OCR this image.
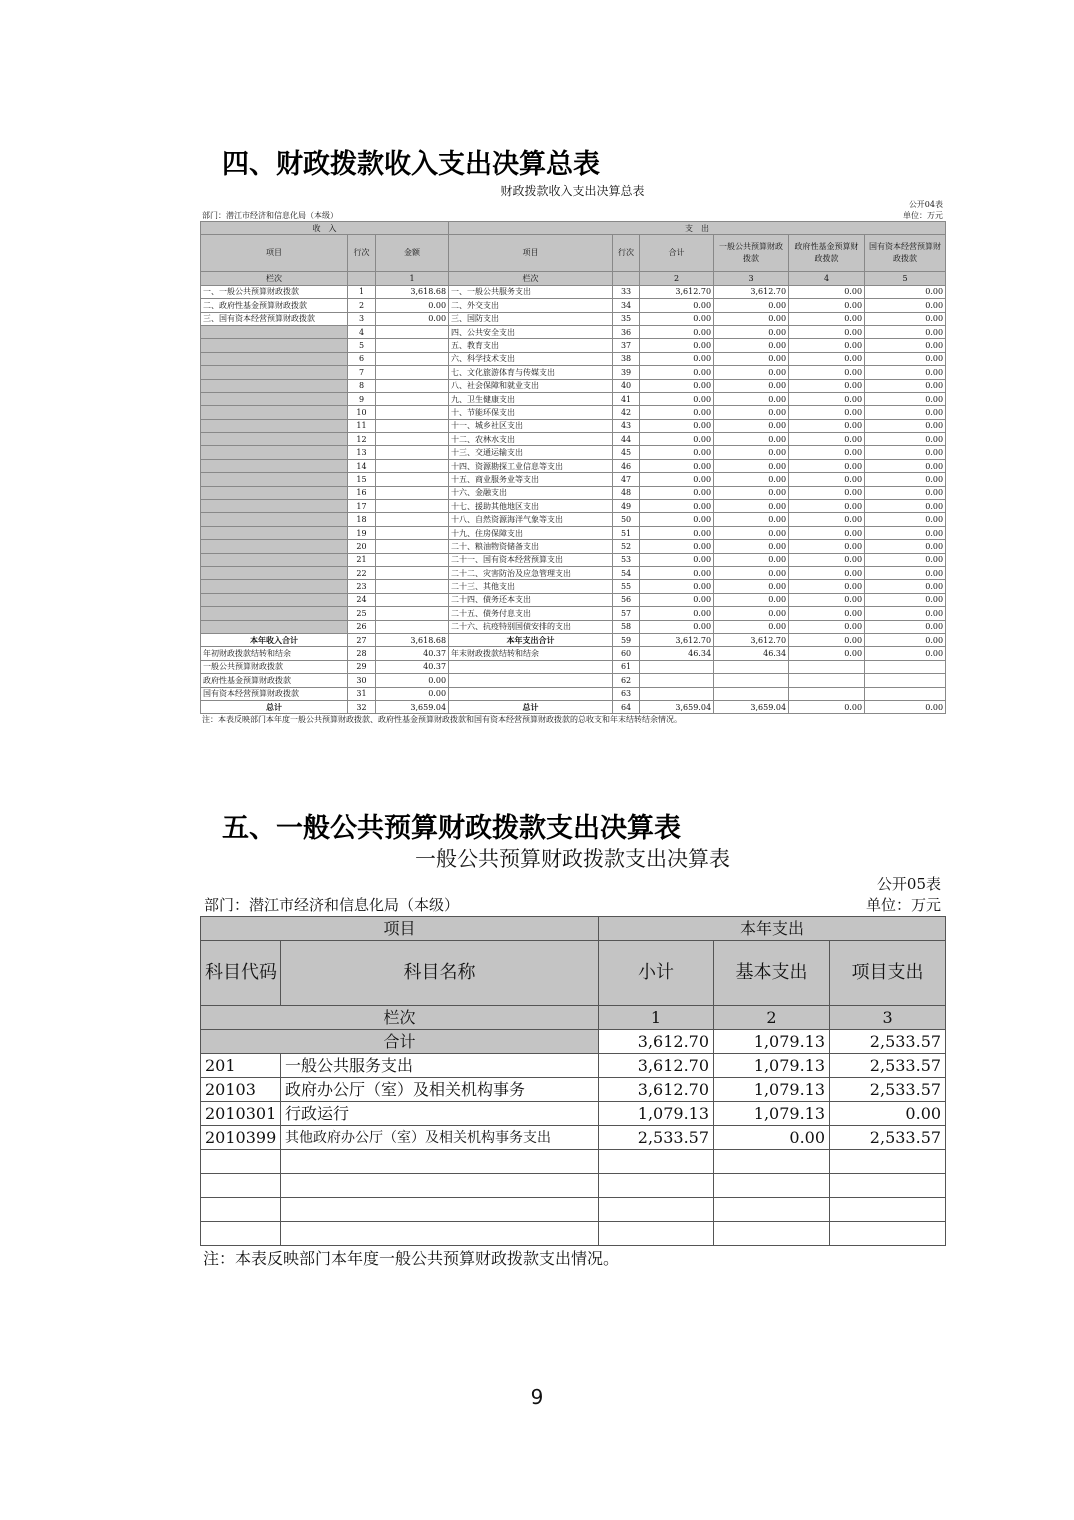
四、财政拨款收入支出决算总表
财政拨款收入支出决算总表
公开04表
部门：潜江市经济和信息化局（本级）	单位：万元
收　入			支　出					
项目	行次	金额	项目	行次	合计	一般公共预算财政拨款	政府性基金预算财政拨款	国有资本经营预算财政拨款
栏次		1	栏次		2	3	4	5
一、一般公共预算财政拨款	1	3,618.68	一、一般公共服务支出	33	3,612.70	3,612.70	0.00	0.00
二、政府性基金预算财政拨款	2	0.00	二、外交支出	34	0.00	0.00	0.00	0.00
三、国有资本经营预算财政拨款	3	0.00	三、国防支出	35	0.00	0.00	0.00	0.00
	4		四、公共安全支出	36	0.00	0.00	0.00	0.00
	5		五、教育支出	37	0.00	0.00	0.00	0.00
	6		六、科学技术支出	38	0.00	0.00	0.00	0.00
	7		七、文化旅游体育与传媒支出	39	0.00	0.00	0.00	0.00
	8		八、社会保障和就业支出	40	0.00	0.00	0.00	0.00
	9		九、卫生健康支出	41	0.00	0.00	0.00	0.00
	10		十、节能环保支出	42	0.00	0.00	0.00	0.00
	11		十一、城乡社区支出	43	0.00	0.00	0.00	0.00
	12		十二、农林水支出	44	0.00	0.00	0.00	0.00
	13		十三、交通运输支出	45	0.00	0.00	0.00	0.00
	14		十四、资源勘探工业信息等支出	46	0.00	0.00	0.00	0.00
	15		十五、商业服务业等支出	47	0.00	0.00	0.00	0.00
	16		十六、金融支出	48	0.00	0.00	0.00	0.00
	17		十七、援助其他地区支出	49	0.00	0.00	0.00	0.00
	18		十八、自然资源海洋气象等支出	50	0.00	0.00	0.00	0.00
	19		十九、住房保障支出	51	0.00	0.00	0.00	0.00
	20		二十、粮油物资储备支出	52	0.00	0.00	0.00	0.00
	21		二十一、国有资本经营预算支出	53	0.00	0.00	0.00	0.00
	22		二十二、灾害防治及应急管理支出	54	0.00	0.00	0.00	0.00
	23		二十三、其他支出	55	0.00	0.00	0.00	0.00
	24		二十四、债务还本支出	56	0.00	0.00	0.00	0.00
	25		二十五、债务付息支出	57	0.00	0.00	0.00	0.00
	26		二十六、抗疫特别国债安排的支出	58	0.00	0.00	0.00	0.00
本年收入合计	27	3,618.68	本年支出合计	59	3,612.70	3,612.70	0.00	0.00
年初财政拨款结转和结余	28	40.37	年末财政拨款结转和结余	60	46.34	46.34	0.00	0.00
一般公共预算财政拨款	29	40.37		61				
政府性基金预算财政拨款	30	0.00		62				
国有资本经营预算财政拨款	31	0.00		63				
总计	32	3,659.04	总计	64	3,659.04	3,659.04	0.00	0.00
注：本表反映部门本年度一般公共预算财政拨款、政府性基金预算财政拨款和国有资本经营预算财政拨款的总收支和年末结转结余情况。
五、一般公共预算财政拨款支出决算表
一般公共预算财政拨款支出决算表
公开05表
部门：潜江市经济和信息化局（本级）	单位：万元
项目		本年支出		
科目代码	科目名称	小计	基本支出	项目支出
栏次		1	2	3
合计		3,612.70	1,079.13	2,533.57
201	一般公共服务支出	3,612.70	1,079.13	2,533.57
20103	政府办公厅（室）及相关机构事务	3,612.70	1,079.13	2,533.57
2010301	行政运行	1,079.13	1,079.13	0.00
2010399	其他政府办公厅（室）及相关机构事务支出	2,533.57	0.00	2,533.57

注：本表反映部门本年度一般公共预算财政拨款支出情况。
9
